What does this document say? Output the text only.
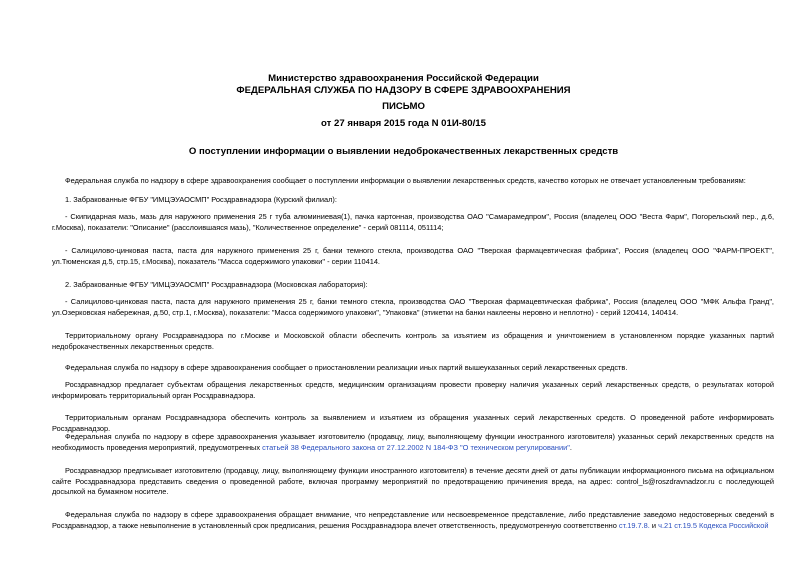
Министерство здравоохранения Российской Федерации
ФЕДЕРАЛЬНАЯ СЛУЖБА ПО НАДЗОРУ В СФЕРЕ ЗДРАВООХРАНЕНИЯ
ПИСЬМО
от 27 января 2015 года N 01И-80/15
О поступлении информации о выявлении недоброкачественных лекарственных средств

Федеральная служба по надзору в сфере здравоохранения сообщает о поступлении информации о выявлении лекарственных средств, качество которых не отвечает установленным требованиям:

1. Забракованные ФГБУ "ИМЦЭУАОСМП" Росздравнадзора (Курский филиал):

- Скипидарная мазь, мазь для наружного применения 25 г туба алюминиевая(1), пачка картонная, производства ОАО "Самарамедпром", Россия (владелец ООО "Веста Фарм", Погорельский пер., д.6, г.Москва), показатели: "Описание" (расслоившаяся мазь), "Количественное определение" - серий 081114, 051114;

- Салицилово-цинковая паста, паста для наружного применения 25 г, банки темного стекла, производства ОАО "Тверская фармацевтическая фабрика", Россия (владелец ООО "ФАРМ-ПРОЕКТ", ул.Тюменская д.5, стр.15, г.Москва), показатель "Масса содержимого упаковки" - серии 110414.

2. Забракованные ФГБУ "ИМЦЭУАОСМП" Росздравнадзора (Московская лаборатория):

- Салицилово-цинковая паста, паста для наружного применения 25 г, банки темного стекла, производства ОАО "Тверская фармацевтическая фабрика", Россия (владелец ООО "МФК Альфа Гранд", ул.Озерковская набережная, д.50, стр.1, г.Москва), показатели: "Масса содержимого упаковки", "Упаковка" (этикетки на банки наклеены неровно и неплотно) - серий 120414, 140414.

Территориальному органу Росздравнадзора по г.Москве и Московской области обеспечить контроль за изъятием из обращения и уничтожением в установленном порядке указанных партий недоброкачественных лекарственных средств.

Федеральная служба по надзору в сфере здравоохранения сообщает о приостановлении реализации иных партий вышеуказанных серий лекарственных средств.

Росздравнадзор предлагает субъектам обращения лекарственных средств, медицинским организациям провести проверку наличия указанных серий лекарственных средств, о результатах которой информировать территориальный орган Росздравнадзора.

Территориальным органам Росздравнадзора обеспечить контроль за выявлением и изъятием из обращения указанных серий лекарственных средств. О проведенной работе информировать Росздравнадзор.

Федеральная служба по надзору в сфере здравоохранения указывает изготовителю (продавцу, лицу, выполняющему функции иностранного изготовителя) указанных серий лекарственных средств на необходимость проведения мероприятий, предусмотренных статьей 38 Федерального закона от 27.12.2002 N 184-ФЗ "О техническом регулировании".

Росздравнадзор предписывает изготовителю (продавцу, лицу, выполняющему функции иностранного изготовителя) в течение десяти дней от даты публикации информационного письма на официальном сайте Росздравнадзора представить сведения о проведенной работе, включая программу мероприятий по предотвращению причинения вреда, на адрес: control_ls@roszdravnadzor.ru с последующей досылкой на бумажном носителе.

Федеральная служба по надзору в сфере здравоохранения обращает внимание, что непредставление или несвоевременное представление, либо представление заведомо недостоверных сведений в Росздравнадзор, а также невыполнение в установленный срок предписания, решения Росздравнадзора влечет ответственность, предусмотренную соответственно ст.19.7.8. и ч.21 ст.19.5 Кодекса Российской
